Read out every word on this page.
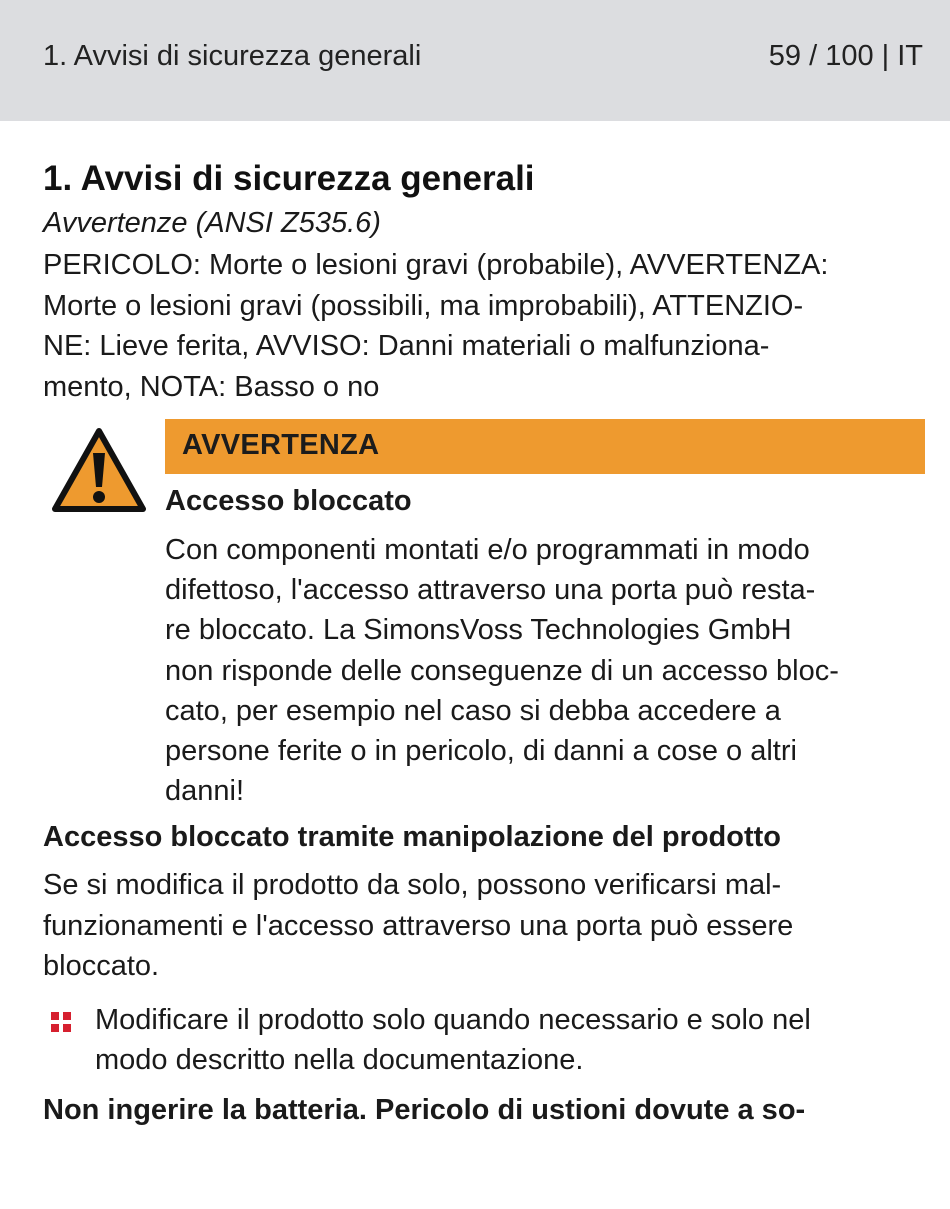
1. Avvisi di sicurezza generali	59 / 100 | IT
1. Avvisi di sicurezza generali
Avvertenze (ANSI Z535.6)
PERICOLO: Morte o lesioni gravi (probabile), AVVERTENZA:
Morte o lesioni gravi (possibili, ma improbabili), ATTENZIO-
NE: Lieve ferita, AVVISO: Danni materiali o malfunziona-
mento, NOTA: Basso o no
AVVERTENZA
Accesso bloccato
Con componenti montati e/o programmati in modo
difettoso, l'accesso attraverso una porta può resta-
re bloccato. La SimonsVoss Technologies GmbH
non risponde delle conseguenze di un accesso bloc-
cato, per esempio nel caso si debba accedere a
persone ferite o in pericolo, di danni a cose o altri
danni!
Accesso bloccato tramite manipolazione del prodotto
Se si modifica il prodotto da solo, possono verificarsi mal-
funzionamenti e l'accesso attraverso una porta può essere
bloccato.
Modificare il prodotto solo quando necessario e solo nel
modo descritto nella documentazione.
Non ingerire la batteria. Pericolo di ustioni dovute a so-
